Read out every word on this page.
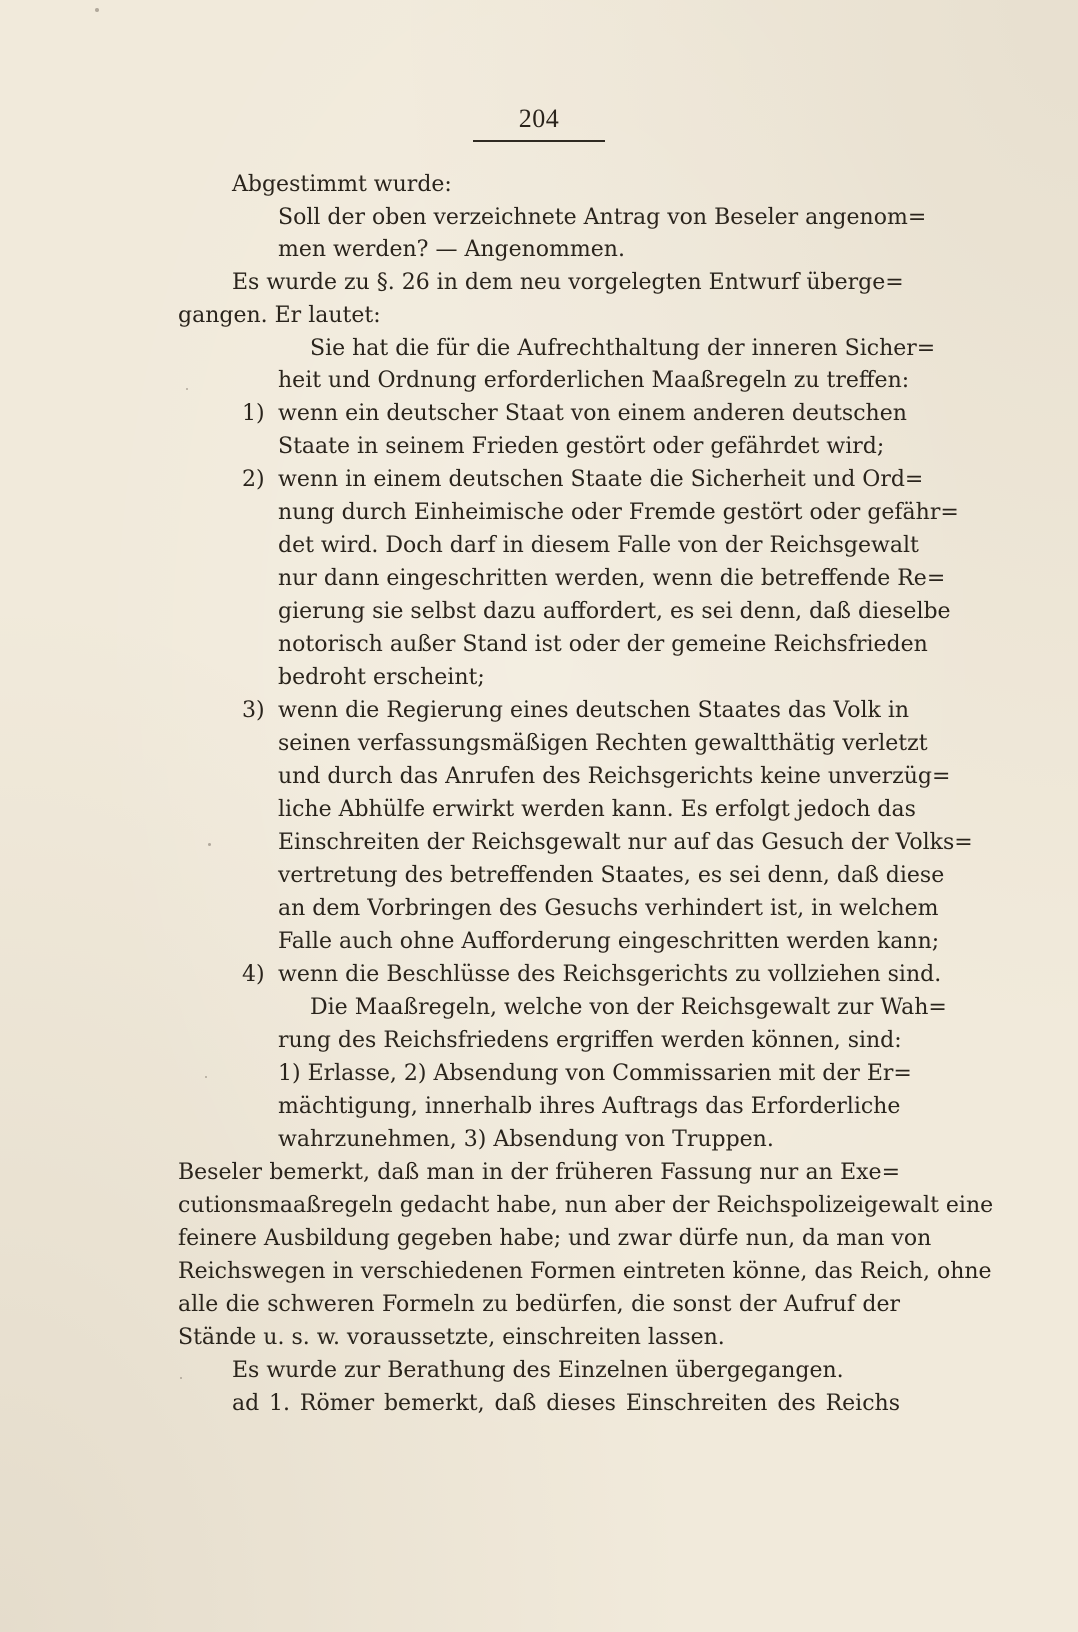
204
Abgestimmt wurde:
Soll der oben verzeichnete Antrag von Beseler angenom=
men werden? — Angenommen.
Es wurde zu §. 26 in dem neu vorgelegten Entwurf überge=
gangen. Er lautet:
Sie hat die für die Aufrechthaltung der inneren Sicher=
heit und Ordnung erforderlichen Maaßregeln zu treffen:
1) wenn ein deutscher Staat von einem anderen deutschen
Staate in seinem Frieden gestört oder gefährdet wird;
2) wenn in einem deutschen Staate die Sicherheit und Ord=
nung durch Einheimische oder Fremde gestört oder gefähr=
det wird. Doch darf in diesem Falle von der Reichsgewalt
nur dann eingeschritten werden, wenn die betreffende Re=
gierung sie selbst dazu auffordert, es sei denn, daß dieselbe
notorisch außer Stand ist oder der gemeine Reichsfrieden
bedroht erscheint;
3) wenn die Regierung eines deutschen Staates das Volk in
seinen verfassungsmäßigen Rechten gewaltthätig verletzt
und durch das Anrufen des Reichsgerichts keine unverzüg=
liche Abhülfe erwirkt werden kann. Es erfolgt jedoch das
Einschreiten der Reichsgewalt nur auf das Gesuch der Volks=
vertretung des betreffenden Staates, es sei denn, daß diese
an dem Vorbringen des Gesuchs verhindert ist, in welchem
Falle auch ohne Aufforderung eingeschritten werden kann;
4) wenn die Beschlüsse des Reichsgerichts zu vollziehen sind.
Die Maaßregeln, welche von der Reichsgewalt zur Wah=
rung des Reichsfriedens ergriffen werden können, sind:
1) Erlasse, 2) Absendung von Commissarien mit der Er=
mächtigung, innerhalb ihres Auftrags das Erforderliche
wahrzunehmen, 3) Absendung von Truppen.
Beseler bemerkt, daß man in der früheren Fassung nur an Exe=
cutionsmaaßregeln gedacht habe, nun aber der Reichspolizeigewalt eine
feinere Ausbildung gegeben habe; und zwar dürfe nun, da man von
Reichswegen in verschiedenen Formen eintreten könne, das Reich, ohne
alle die schweren Formeln zu bedürfen, die sonst der Aufruf der
Stände u. s. w. voraussetzte, einschreiten lassen.
Es wurde zur Berathung des Einzelnen übergegangen.
ad 1. Römer bemerkt, daß dieses Einschreiten des Reichs
